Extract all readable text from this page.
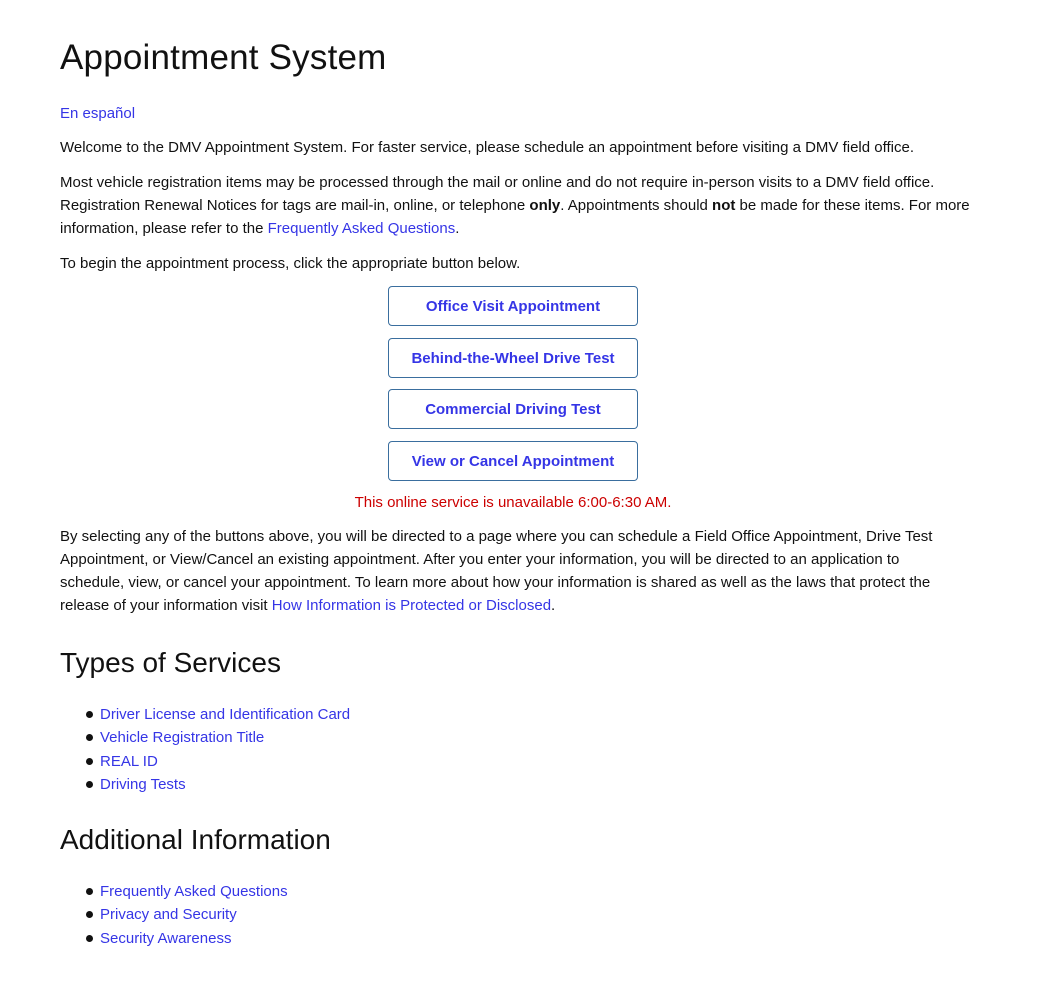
Appointment System
En español

Welcome to the DMV Appointment System. For faster service, please schedule an appointment before visiting a DMV field office.

Most vehicle registration items may be processed through the mail or online and do not require in-person visits to a DMV field office. Registration Renewal Notices for tags are mail-in, online, or telephone only. Appointments should not be made for these items. For more information, please refer to the Frequently Asked Questions.

To begin the appointment process, click the appropriate button below.

Office Visit Appointment
Behind-the-Wheel Drive Test
Commercial Driving Test
View or Cancel Appointment
This online service is unavailable 6:00-6:30 AM.

By selecting any of the buttons above, you will be directed to a page where you can schedule a Field Office Appointment, Drive Test Appointment, or View/Cancel an existing appointment. After you enter your information, you will be directed to an application to schedule, view, or cancel your appointment. To learn more about how your information is shared as well as the laws that protect the release of your information visit How Information is Protected or Disclosed.

Types of Services
Driver License and Identification Card
Vehicle Registration Title
REAL ID
Driving Tests
Additional Information
Frequently Asked Questions
Privacy and Security
Security Awareness
